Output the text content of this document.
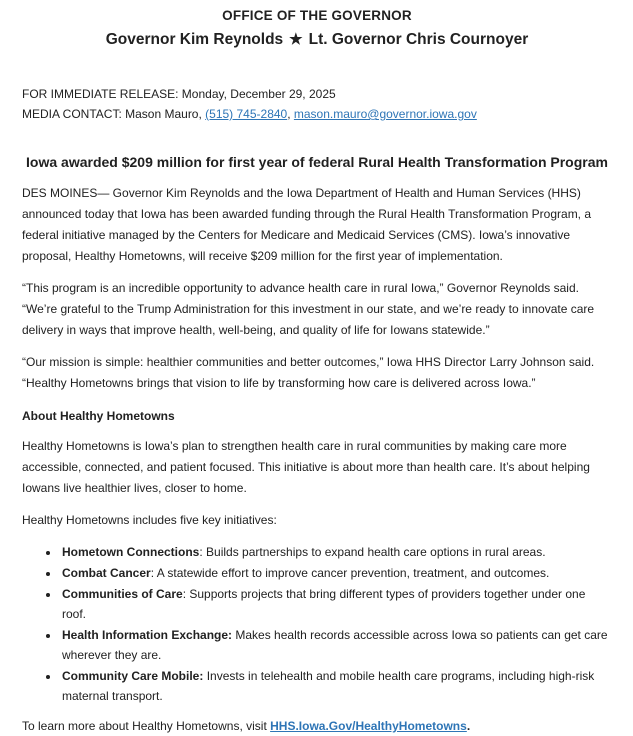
OFFICE OF THE GOVERNOR
Governor Kim Reynolds ★ Lt. Governor Chris Cournoyer

FOR IMMEDIATE RELEASE: Monday, December 29, 2025

MEDIA CONTACT: Mason Mauro, (515) 745-2840, mason.mauro@governor.iowa.gov

Iowa awarded $209 million for first year of federal Rural Health Transformation Program

DES MOINES— Governor Kim Reynolds and the Iowa Department of Health and Human Services (HHS) announced today that Iowa has been awarded funding through the Rural Health Transformation Program, a federal initiative managed by the Centers for Medicare and Medicaid Services (CMS). Iowa’s innovative proposal, Healthy Hometowns, will receive $209 million for the first year of implementation.

“This program is an incredible opportunity to advance health care in rural Iowa,” Governor Reynolds said. “We’re grateful to the Trump Administration for this investment in our state, and we’re ready to innovate care delivery in ways that improve health, well-being, and quality of life for Iowans statewide.”

“Our mission is simple: healthier communities and better outcomes,” Iowa HHS Director Larry Johnson said. “Healthy Hometowns brings that vision to life by transforming how care is delivered across Iowa.”

About Healthy Hometowns

Healthy Hometowns is Iowa’s plan to strengthen health care in rural communities by making care more accessible, connected, and patient focused. This initiative is about more than health care. It’s about helping Iowans live healthier lives, closer to home.

Healthy Hometowns includes five key initiatives:

• Hometown Connections: Builds partnerships to expand health care options in rural areas.
• Combat Cancer: A statewide effort to improve cancer prevention, treatment, and outcomes.
• Communities of Care: Supports projects that bring different types of providers together under one roof.
• Health Information Exchange: Makes health records accessible across Iowa so patients can get care wherever they are.
• Community Care Mobile: Invests in telehealth and mobile health care programs, including high-risk maternal transport.

To learn more about Healthy Hometowns, visit HHS.Iowa.Gov/HealthyHometowns.
